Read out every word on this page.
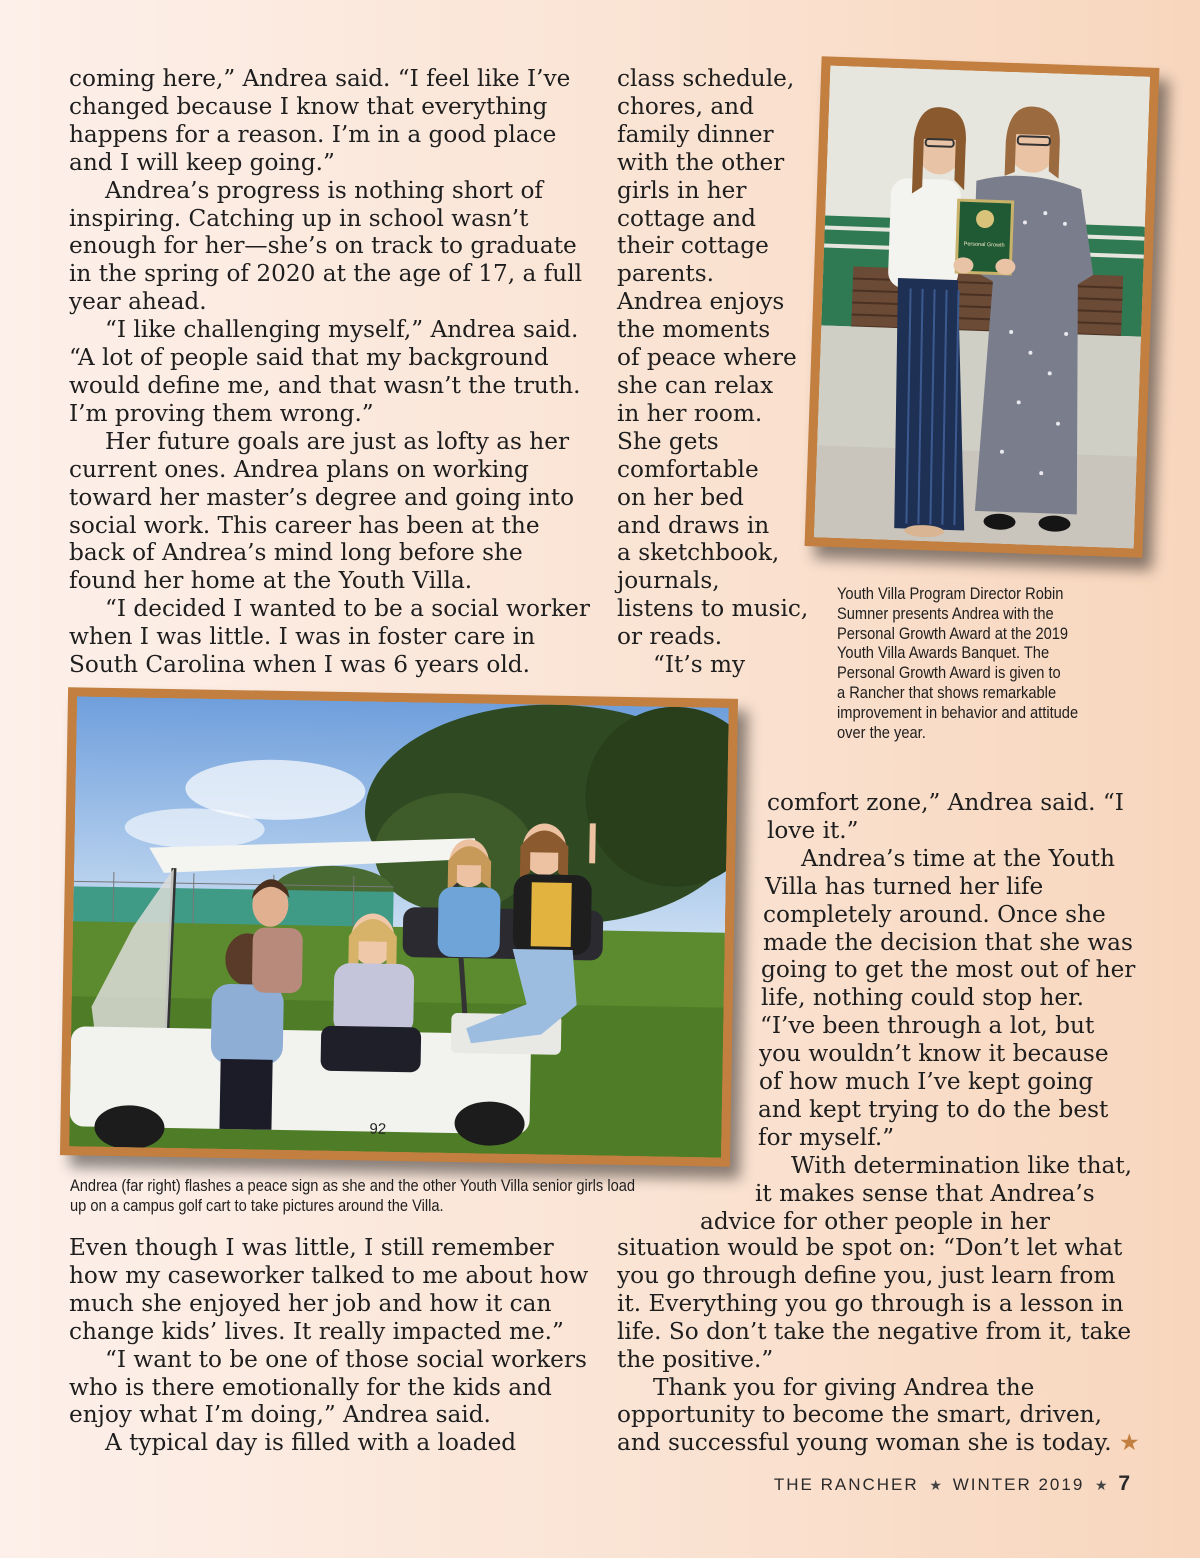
coming here,” Andrea said. “I feel like I’ve
changed because I know that everything
happens for a reason. I’m in a good place
and I will keep going.”
Andrea’s progress is nothing short of
inspiring. Catching up in school wasn’t
enough for her—she’s on track to graduate
in the spring of 2020 at the age of 17, a full
year ahead.
“I like challenging myself,” Andrea said.
“A lot of people said that my background
would define me, and that wasn’t the truth.
I’m proving them wrong.”
Her future goals are just as lofty as her
current ones. Andrea plans on working
toward her master’s degree and going into
social work. This career has been at the
back of Andrea’s mind long before she
found her home at the Youth Villa.
“I decided I wanted to be a social worker
when I was little. I was in foster care in
South Carolina when I was 6 years old.

class schedule,
chores, and
family dinner
with the other
girls in her
cottage and
their cottage
parents.
Andrea enjoys
the moments
of peace where
she can relax
in her room.
She gets
comfortable
on her bed
and draws in
a sketchbook,
journals,
listens to music,
or reads.
“It’s my

Personal Growth

Youth Villa Program Director Robin
Sumner presents Andrea with the
Personal Growth Award at the 2019
Youth Villa Awards Banquet. The
Personal Growth Award is given to
a Rancher that shows remarkable
improvement in behavior and attitude
over the year.

92

Andrea (far right) flashes a peace sign as she and the other Youth Villa senior girls load
up on a campus golf cart to take pictures around the Villa.

comfort zone,” Andrea said. “I
love it.”
Andrea’s time at the Youth
Villa has turned her life
completely around. Once she
made the decision that she was
going to get the most out of her
life, nothing could stop her.
“I’ve been through a lot, but
you wouldn’t know it because
of how much I’ve kept going
and kept trying to do the best
for myself.”
With determination like that,
it makes sense that Andrea’s
advice for other people in her

Even though I was little, I still remember
how my caseworker talked to me about how
much she enjoyed her job and how it can
change kids’ lives. It really impacted me.”
“I want to be one of those social workers
who is there emotionally for the kids and
enjoy what I’m doing,” Andrea said.
A typical day is filled with a loaded

situation would be spot on: “Don’t let what
you go through define you, just learn from
it. Everything you go through is a lesson in
life. So don’t take the negative from it, take
the positive.”
Thank you for giving Andrea the
opportunity to become the smart, driven,
and successful young woman she is today. ★

THE RANCHER ★ WINTER 2019 ★ 7
